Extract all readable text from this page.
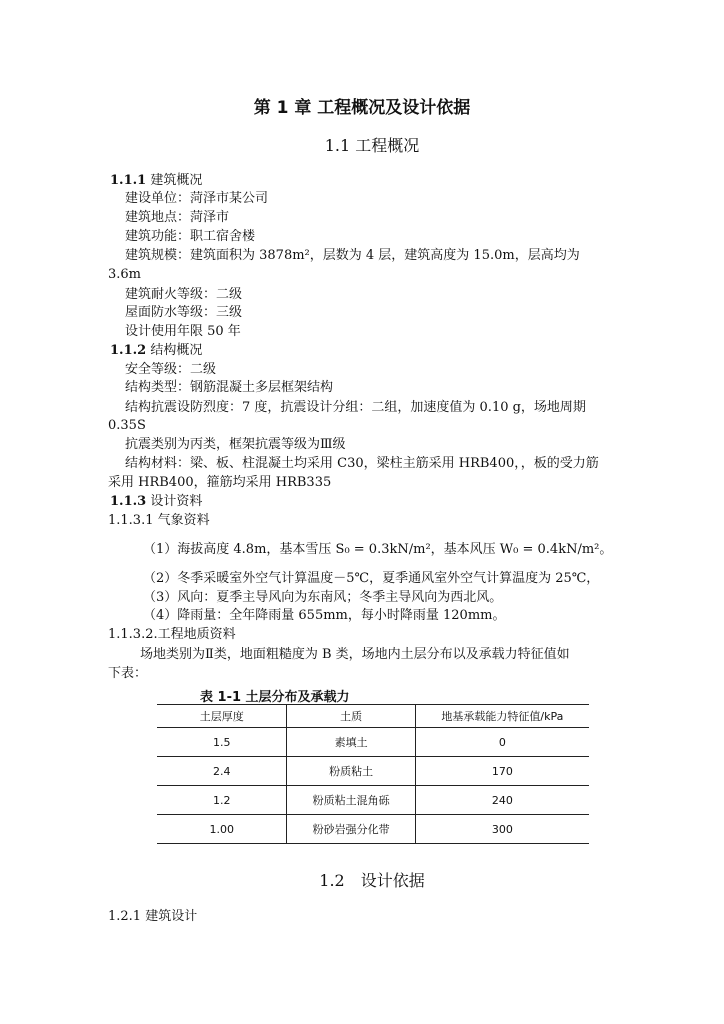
第 1 章 工程概况及设计依据
1.1 工程概况
1.1.1 建筑概况
建设单位：菏泽市某公司
建筑地点：菏泽市
建筑功能：职工宿舍楼
建筑规模：建筑面积为 3878m²，层数为 4 层，建筑高度为 15.0m，层高均为
3.6m
建筑耐火等级：二级
屋面防水等级：三级
设计使用年限 50 年
1.1.2 结构概况
安全等级：二级
结构类型：钢筋混凝土多层框架结构
结构抗震设防烈度：7 度，抗震设计分组：二组，加速度值为 0.10 g，场地周期
0.35S
抗震类别为丙类，框架抗震等级为Ⅲ级
结构材料：梁、板、柱混凝土均采用 C30，梁柱主筋采用 HRB400，，板的受力筋
采用 HRB400，箍筋均采用 HRB335
1.1.3 设计资料
1.1.3.1 气象资料
（1）海拔高度 4.8m，基本雪压 S₀ = 0.3kN/m²，基本风压 W₀ = 0.4kN/m²。
（2）冬季采暖室外空气计算温度－5℃，夏季通风室外空气计算温度为 25℃，
（3）风向：夏季主导风向为东南风；冬季主导风向为西北风。
（4）降雨量：全年降雨量 655mm，每小时降雨量 120mm。
1.1.3.2.工程地质资料
场地类别为Ⅱ类，地面粗糙度为 B 类，场地内土层分布以及承载力特征值如
下表：
表 1-1 土层分布及承载力
土层厚度	土质	地基承载能力特征值/kPa
1.5	素填土	0
2.4	粉质粘土	170
1.2	粉质粘土混角砾	240
1.00	粉砂岩强分化带	300
1.2　设计依据
1.2.1 建筑设计
